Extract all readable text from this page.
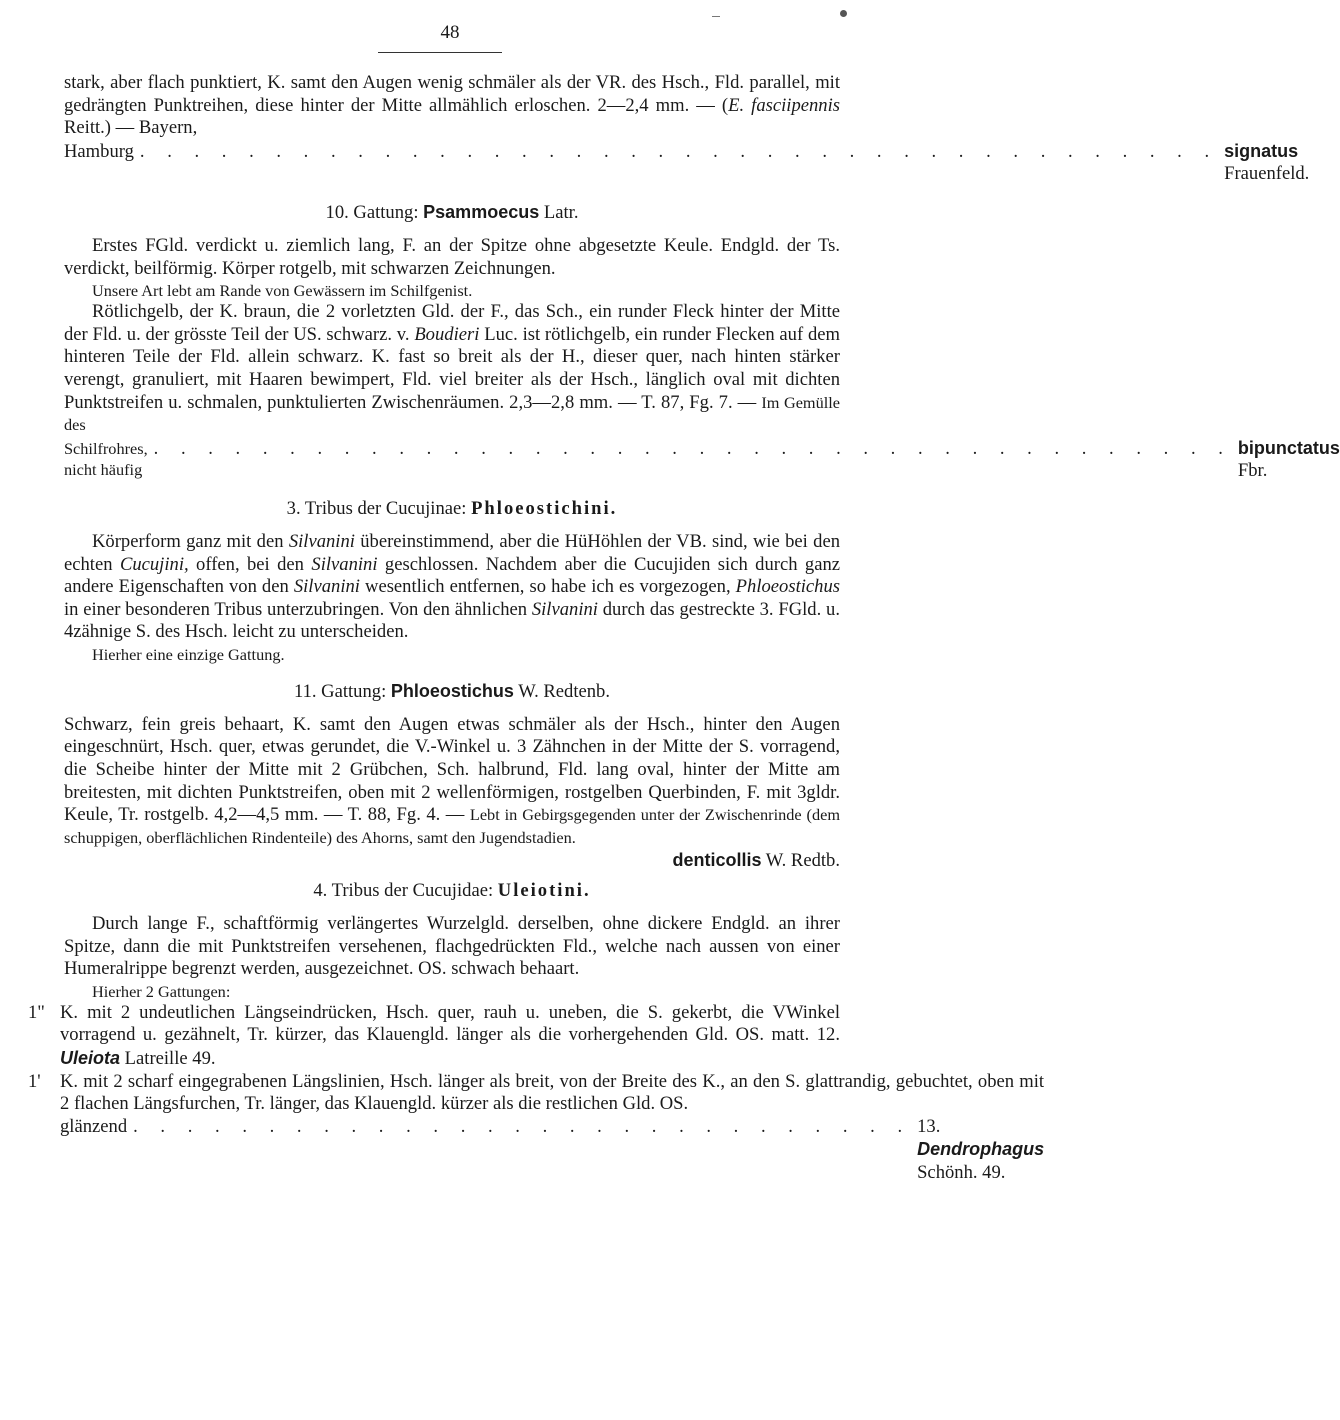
48

stark, aber flach punktiert, K. samt den Augen wenig schmäler als der VR. des Hsch., Fld. parallel, mit gedrängten Punktreihen, diese hinter der Mitte allmählich erloschen. 2—2,4 mm. — (E. fasciipennis Reitt.) — Bayern,

Hamburg . . . . . . . . . . . . . . . . . . . . . . . . . . . . . . . . . . . . . . . . signatus Frauenfeld.

10. Gattung: Psammoecus Latr.

Erstes FGld. verdickt u. ziemlich lang, F. an der Spitze ohne abgesetzte Keule. Endgld. der Ts. verdickt, beilförmig. Körper rotgelb, mit schwarzen Zeichnungen.

Unsere Art lebt am Rande von Gewässern im Schilfgenist.

Rötlichgelb, der K. braun, die 2 vorletzten Gld. der F., das Sch., ein runder Fleck hinter der Mitte der Fld. u. der grösste Teil der US. schwarz. v. Boudieri Luc. ist rötlichgelb, ein runder Flecken auf dem hinteren Teile der Fld. allein schwarz. K. fast so breit als der H., dieser quer, nach hinten stärker verengt, granuliert, mit Haaren bewimpert, Fld. viel breiter als der Hsch., länglich oval mit dichten Punktstreifen u. schmalen, punktulierten Zwischenräumen. 2,3—2,8 mm. — T. 87, Fg. 7. — Im Gemülle des

Schilfrohres, nicht häufig
. . . . . . . . . . . . . . . . . . . . . . . . . . . . . . . . . . . . . . . . bipunctatus Fbr.

3. Tribus der Cucujinae: Phloeostichini.

Körperform ganz mit den Silvanini übereinstimmend, aber die HüHöhlen der VB. sind, wie bei den echten Cucujini, offen, bei den Silvanini geschlossen. Nachdem aber die Cucujiden sich durch ganz andere Eigenschaften von den Silvanini wesentlich entfernen, so habe ich es vorgezogen, Phloeostichus in einer besonderen Tribus unterzubringen. Von den ähnlichen Silvanini durch das gestreckte 3. FGld. u. 4zähnige S. des Hsch. leicht zu unterscheiden.

Hierher eine einzige Gattung.

11. Gattung: Phloeostichus W. Redtenb.

Schwarz, fein greis behaart, K. samt den Augen etwas schmäler als der Hsch., hinter den Augen eingeschnürt, Hsch. quer, etwas gerundet, die V.-Winkel u. 3 Zähnchen in der Mitte der S. vorragend, die Scheibe hinter der Mitte mit 2 Grübchen, Sch. halbrund, Fld. lang oval, hinter der Mitte am breitesten, mit dichten Punktstreifen, oben mit 2 wellenförmigen, rostgelben Querbinden, F. mit 3gldr. Keule, Tr. rostgelb. 4,2—4,5 mm. — T. 88, Fg. 4. — Lebt in Gebirgsgegenden unter der Zwischenrinde (dem schuppigen, oberflächlichen Rindenteile) des Ahorns, samt den Jugendstadien.

denticollis W. Redtb.

4. Tribus der Cucujidae: Uleiotini.

Durch lange F., schaftförmig verlängertes Wurzelgld. derselben, ohne dickere Endgld. an ihrer Spitze, dann die mit Punktstreifen versehenen, flachgedrückten Fld., welche nach aussen von einer Humeralrippe begrenzt werden, ausgezeichnet. OS. schwach behaart.

Hierher 2 Gattungen:

1" K. mit 2 undeutlichen Längseindrücken, Hsch. quer, rauh u. uneben, die S. gekerbt, die VWinkel vorragend u. gezähnelt, Tr. kürzer, das Klauengld. länger als die vorhergehenden Gld. OS. matt. 12. Uleiota Latreille 49.
1'	K. mit 2 scharf eingegrabenen Längslinien, Hsch. länger als breit, von der Breite des K., an den S. glattrandig, gebuchtet, oben mit 2 flachen Längsfurchen, Tr. länger, das Klauengld. kürzer als die restlichen Gld. OS.
glänzend . . . . . . . . . . . . . . . . . . . . . . . . . . . . . 13. Dendrophagus Schönh. 49.
